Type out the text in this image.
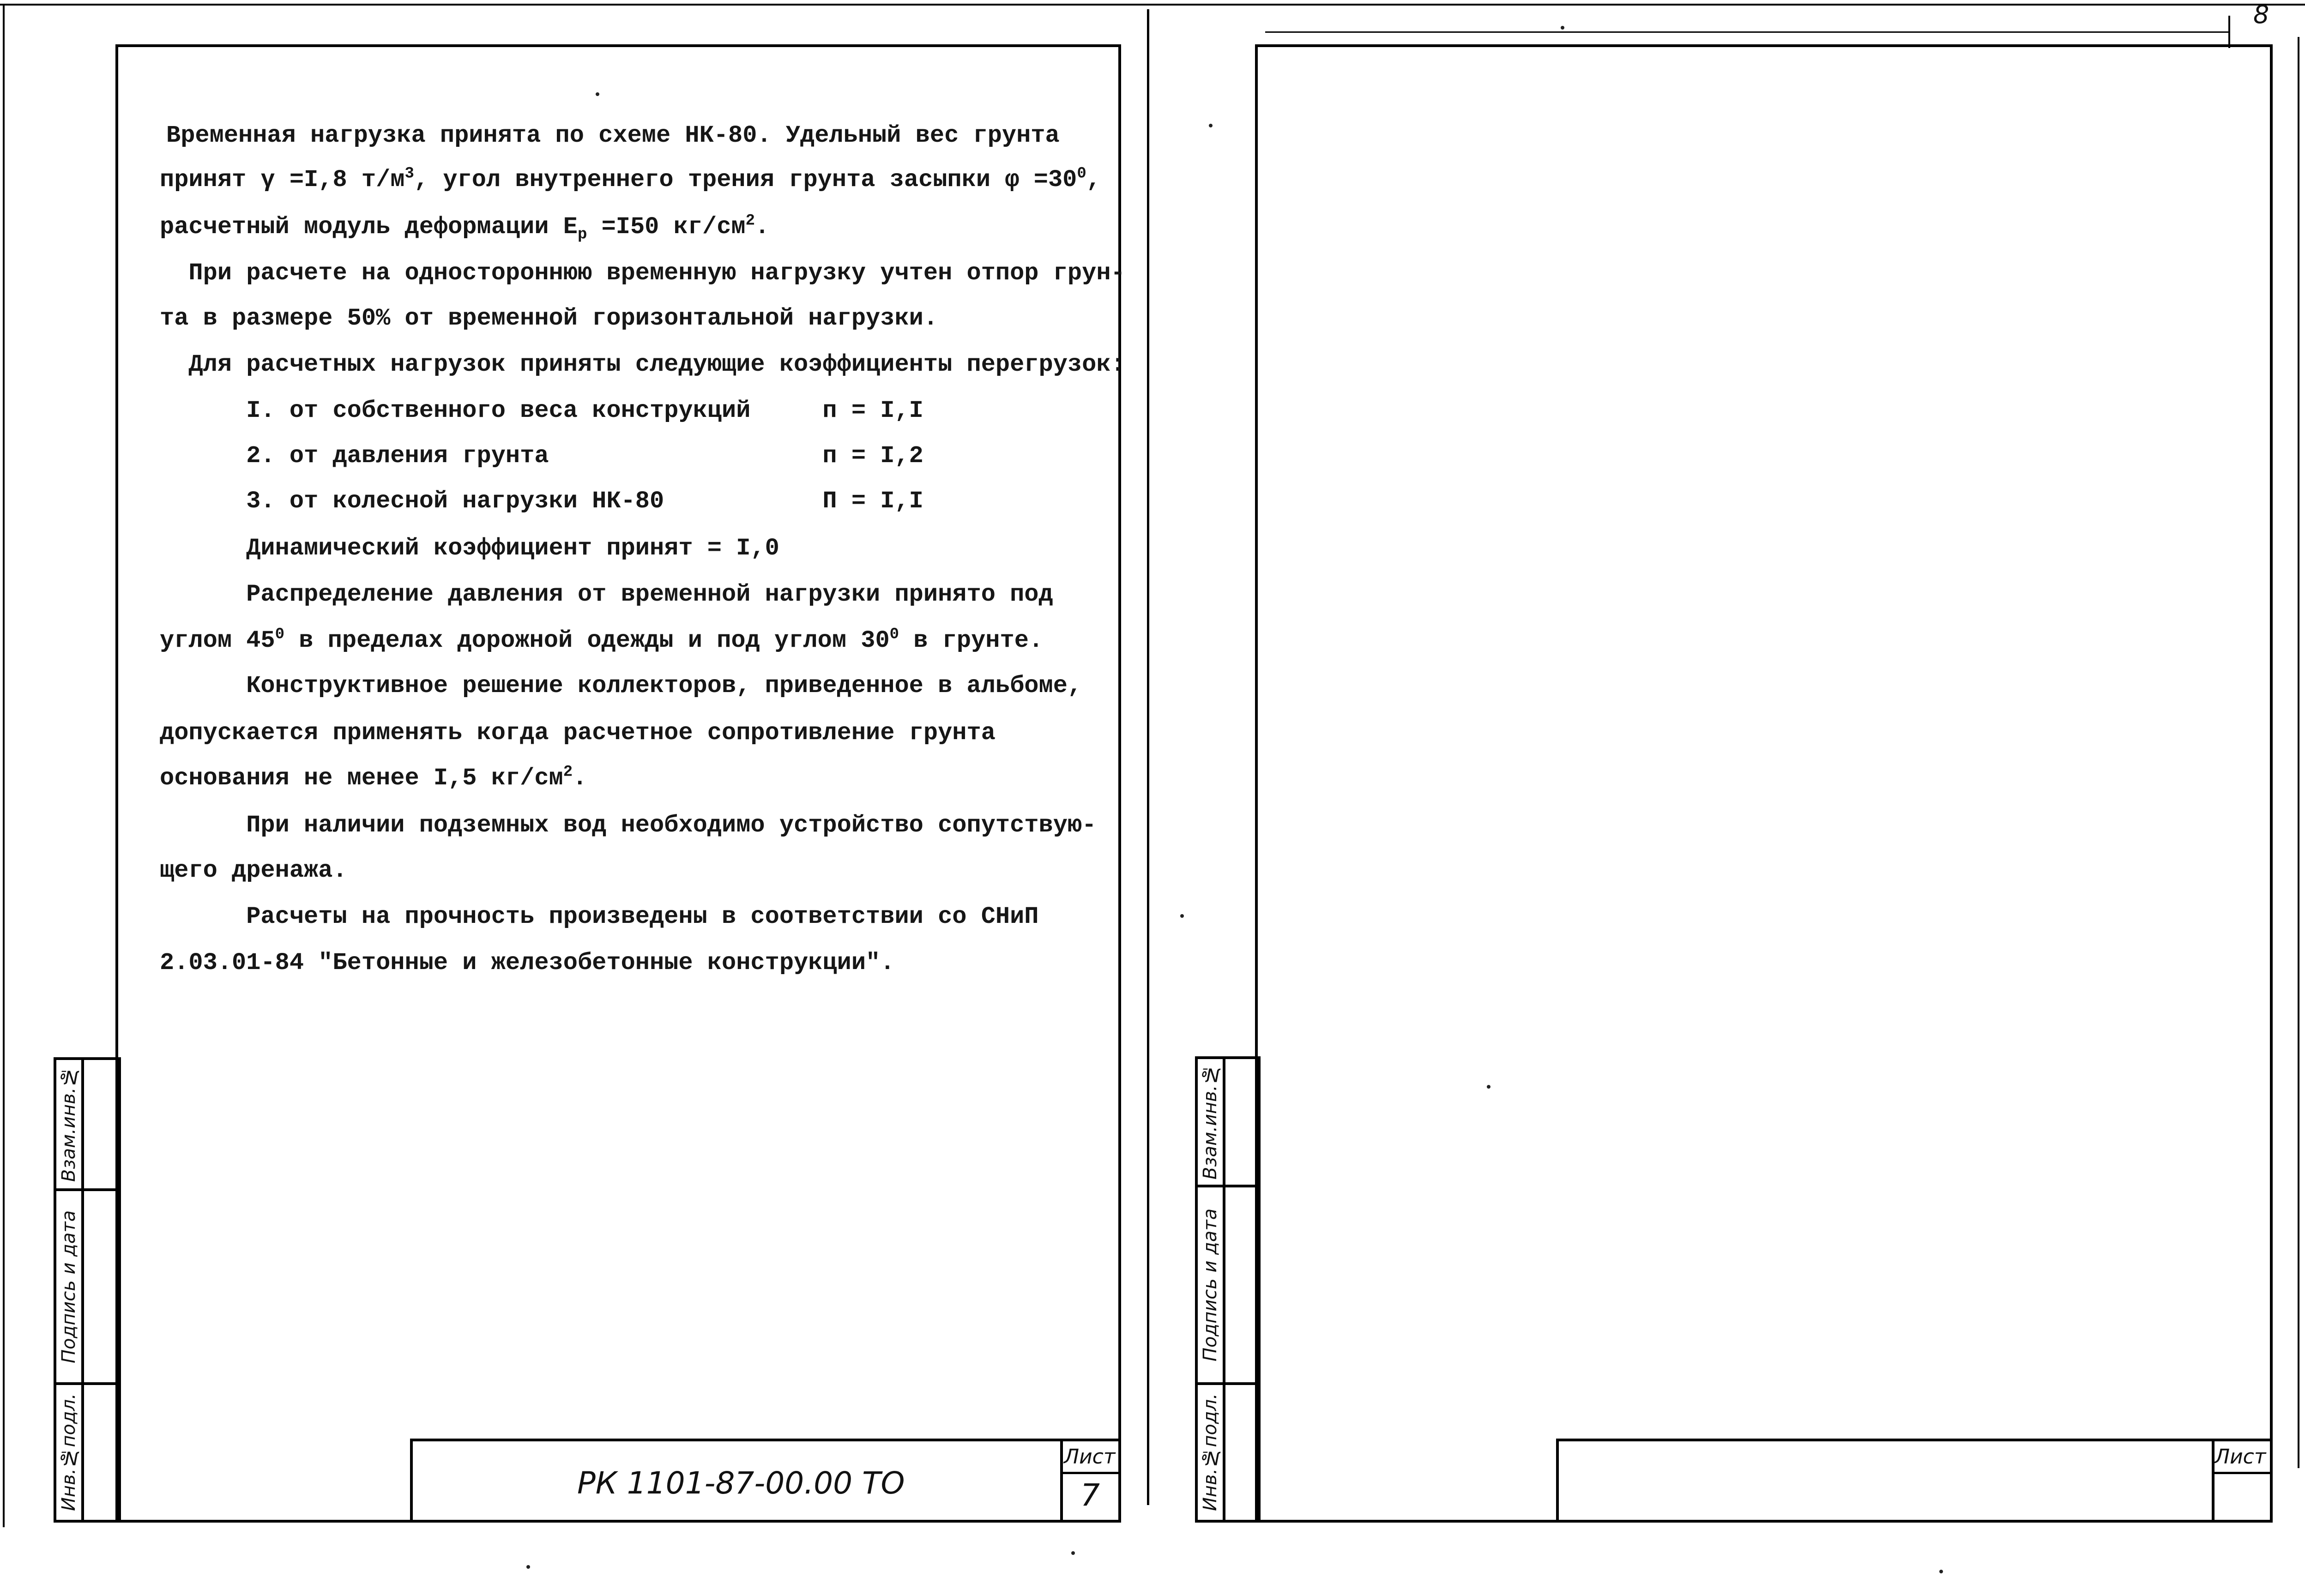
Инв.№подл.
Подпись и дата
Взам.инв.№
РК 1101-87-00.00 ТО
Лист
7
Временная нагрузка принята по схеме НК-80. Удельный вес грунта
принят γ =I,8 $т/м^3$, угол внутреннего трения грунта засыпки $\varphi =30^0$,
расчетный модуль деформации $E_p =I50$ $кг/см^2$.
При расчете на одностороннюю временную нагрузку учтен отпор грун-
та в размере 50% от временной горизонтальной нагрузки.
Для расчетных нагрузок приняты следующие коэффициенты перегрузок:
I. от собственного веса конструкций     п = I,I
2. от давления грунта                   п = I,2
3. от колесной нагрузки НК-80           П = I,I
Динамический коэффициент принят = I,0
Распределение давления от временной нагрузки принято под
углом $45^0$ в пределах дорожной одежды и под углом $30^0$ в грунте.
Конструктивное решение коллекторов, приведенное в альбоме,
допускается применять когда расчетное сопротивление грунта
основания не менее I,5 $кг/см^2$.
При наличии подземных вод необходимо устройство сопутствую-
щего дренажа.
Расчеты на прочность произведены в соответствии со СНиП
2.03.01-84 "Бетонные и железобетонные конструкции".
8
Инв.№подл.
Подпись и дата
Взам.инв.№
Лист
